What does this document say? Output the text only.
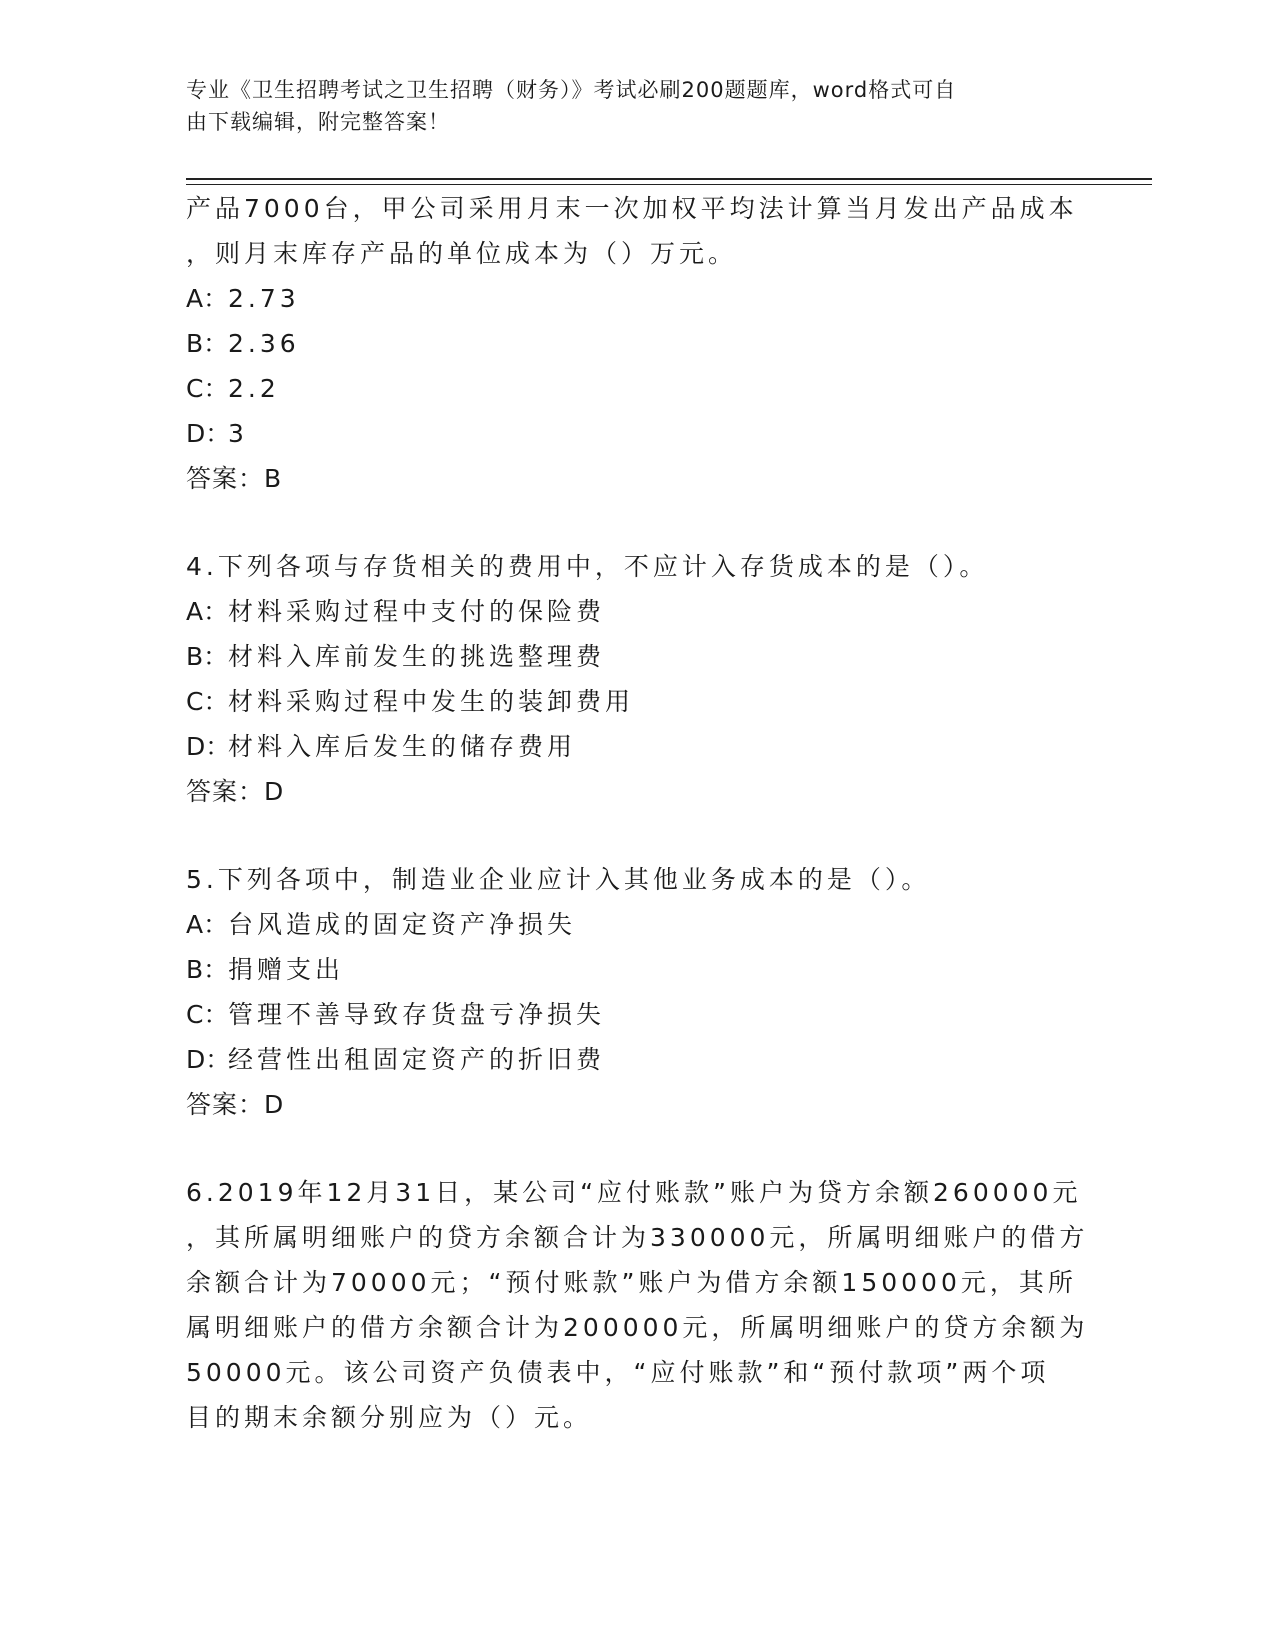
专业《卫生招聘考试之卫生招聘（财务）》考试必刷200题题库，word格式可自
由下载编辑，附完整答案！
产品7000台，甲公司采用月末一次加权平均法计算当月发出产品成本
，则月末库存产品的单位成本为（）万元。
A：2.73
B：2.36
C：2.2
D：3
答案：B
4.下列各项与存货相关的费用中，不应计入存货成本的是（）。
A：材料采购过程中支付的保险费
B：材料入库前发生的挑选整理费
C：材料采购过程中发生的装卸费用
D：材料入库后发生的储存费用
答案：D
5.下列各项中，制造业企业应计入其他业务成本的是（）。
A：台风造成的固定资产净损失
B：捐赠支出
C：管理不善导致存货盘亏净损失
D：经营性出租固定资产的折旧费
答案：D
6.2019年12月31日，某公司“应付账款”账户为贷方余额260000元
，其所属明细账户的贷方余额合计为330000元，所属明细账户的借方
余额合计为70000元；“预付账款”账户为借方余额150000元，其所
属明细账户的借方余额合计为200000元，所属明细账户的贷方余额为
50000元。该公司资产负债表中，“应付账款”和“预付款项”两个项
目的期末余额分别应为（）元。
